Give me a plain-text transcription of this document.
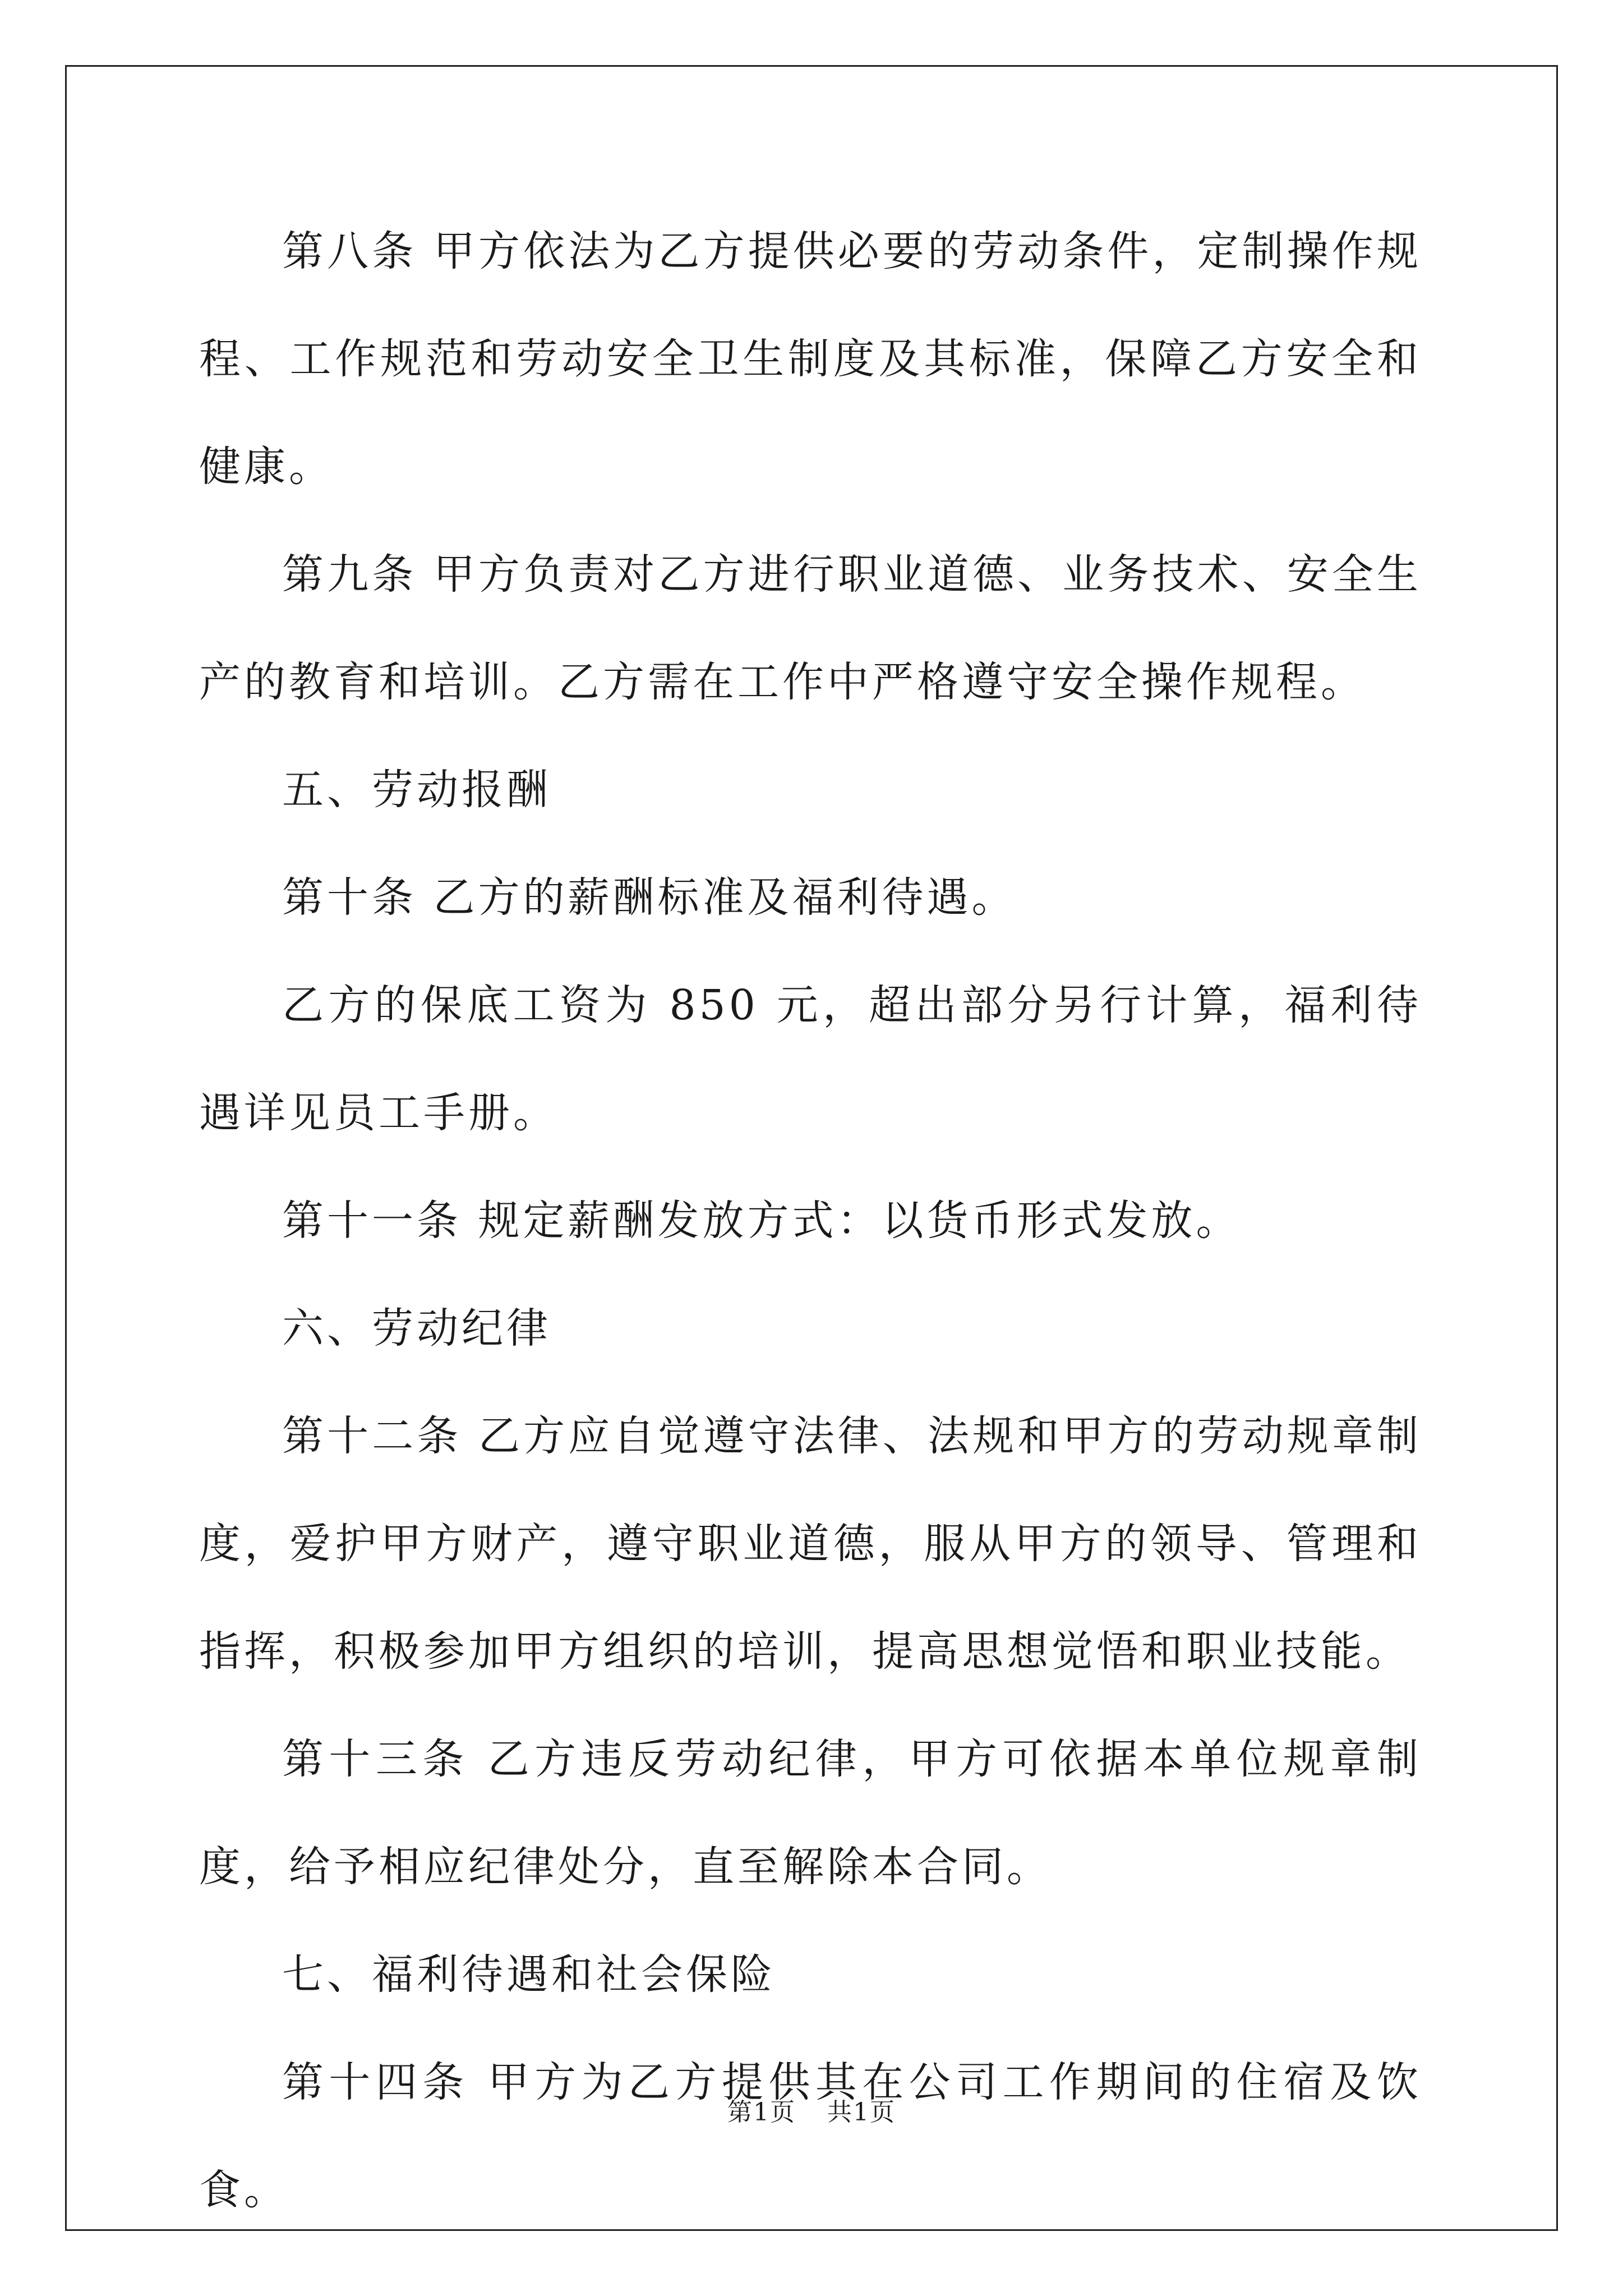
第八条 甲方依法为乙方提供必要的劳动条件，定制操作规程、工作规范和劳动安全卫生制度及其标准，保障乙方安全和健康。

第九条 甲方负责对乙方进行职业道德、业务技术、安全生产的教育和培训。乙方需在工作中严格遵守安全操作规程。

五、劳动报酬

第十条 乙方的薪酬标准及福利待遇。

乙方的保底工资为 850 元，超出部分另行计算，福利待遇详见员工手册。

第十一条 规定薪酬发放方式：以货币形式发放。

六、劳动纪律

第十二条 乙方应自觉遵守法律、法规和甲方的劳动规章制度，爱护甲方财产，遵守职业道德，服从甲方的领导、管理和指挥，积极参加甲方组织的培训，提高思想觉悟和职业技能。

第十三条 乙方违反劳动纪律，甲方可依据本单位规章制度，给予相应纪律处分，直至解除本合同。

七、福利待遇和社会保险

第十四条 甲方为乙方提供其在公司工作期间的住宿及饮食。

第1页 共1页
